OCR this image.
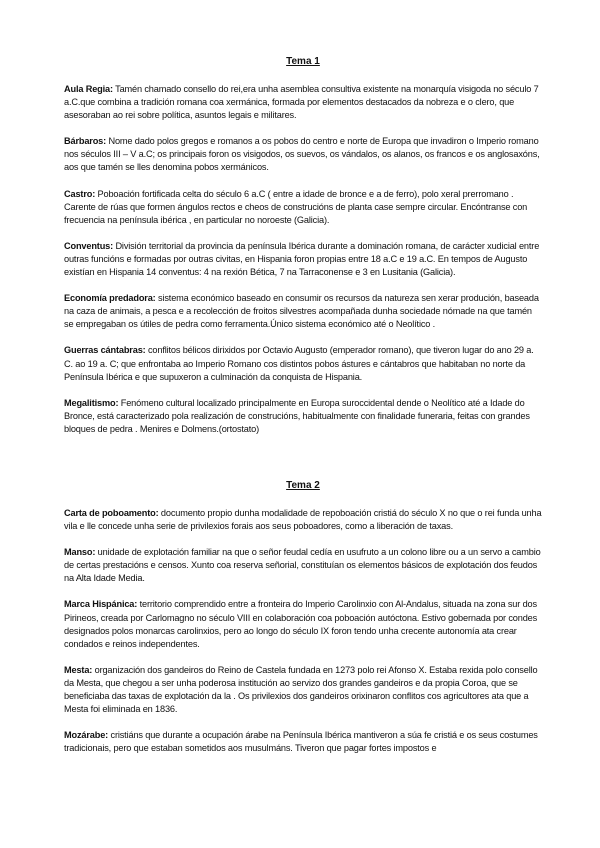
Tema 1

Aula Regia: Tamén chamado consello do rei,era unha asemblea consultiva existente na monarquía visigoda no século 7 a.C.que combina a tradición romana coa xermánica, formada por elementos destacados da nobreza e o clero, que asesoraban ao rei sobre política, asuntos legais e militares.

Bárbaros: Nome dado polos gregos e romanos a os pobos do centro e norte de Europa que invadiron o Imperio romano nos séculos III – V a.C; os principais foron os visigodos, os suevos, os vándalos, os alanos, os francos e os anglosaxóns, aos que tamén se lles denomina pobos xermánicos.

Castro: Poboación fortificada celta do século 6 a.C ( entre a idade de bronce e a de ferro), polo xeral prerromano . Carente de rúas que formen ángulos rectos e cheos de construcións de planta case sempre circular. Encóntranse con frecuencia na península ibérica , en particular no noroeste (Galicia).

Conventus: División territorial da provincia da península Ibérica durante a dominación romana, de carácter xudicial entre outras funcións e formadas por outras civitas, en Hispania foron propias entre 18 a.C e 19 a.C. En tempos de Augusto existían en Hispania 14 conventus: 4 na rexión Bética, 7 na Tarraconense e 3 en Lusitania (Galicia).

Economía predadora: sistema económico baseado en consumir os recursos da natureza sen xerar produción, baseada na caza de animais, a pesca e a recolección de froitos silvestres acompañada dunha sociedade nómade na que tamén se empregaban os útiles de pedra como ferramenta.Único sistema económico até o Neolítico .

Guerras cántabras: conflitos bélicos dirixidos por Octavio Augusto (emperador romano), que tiveron lugar do ano 29 a. C. ao 19 a. C; que enfrontaba ao Imperio Romano cos distintos pobos ástures e cántabros que habitaban no norte da Península Ibérica e que supuxeron a culminación da conquista de Hispania.

Megalitismo: Fenómeno cultural localizado principalmente en Europa suroccidental dende o Neolítico até a Idade do Bronce, está caracterizado pola realización de construcións, habitualmente con finalidade funeraria, feitas con grandes bloques de pedra . Menires e Dolmens.(ortostato)

Tema 2

Carta de poboamento: documento propio dunha modalidade de repoboación cristiá do século X no que o rei funda unha vila e lle concede unha serie de privilexios forais aos seus poboadores, como a liberación de taxas.

Manso: unidade de explotación familiar na que o señor feudal cedía en usufruto a un colono libre ou a un servo a cambio de certas prestacións e censos. Xunto coa reserva señorial, constituían os elementos básicos de explotación dos feudos na Alta Idade Media.

Marca Hispánica: territorio comprendido entre a fronteira do Imperio Carolinxio con Al-Andalus, situada na zona sur dos Pirineos, creada por Carlomagno no século VIII en colaboración coa poboación autóctona. Estivo gobernada por condes designados polos monarcas carolinxios, pero ao longo do século IX foron tendo unha crecente autonomía ata crear condados e reinos independentes.

Mesta: organización dos gandeiros do Reino de Castela fundada en 1273 polo rei Afonso X. Estaba rexida polo consello da Mesta, que chegou a ser unha poderosa institución ao servizo dos grandes gandeiros e da propia Coroa, que se beneficiaba das taxas de explotación da la . Os privilexios dos gandeiros orixinaron conflitos cos agricultores ata que a Mesta foi eliminada en 1836.

Mozárabe: cristiáns que durante a ocupación árabe na Península Ibérica mantiveron a súa fe cristiá e os seus costumes tradicionais, pero que estaban sometidos aos musulmáns. Tiveron que pagar fortes impostos e
